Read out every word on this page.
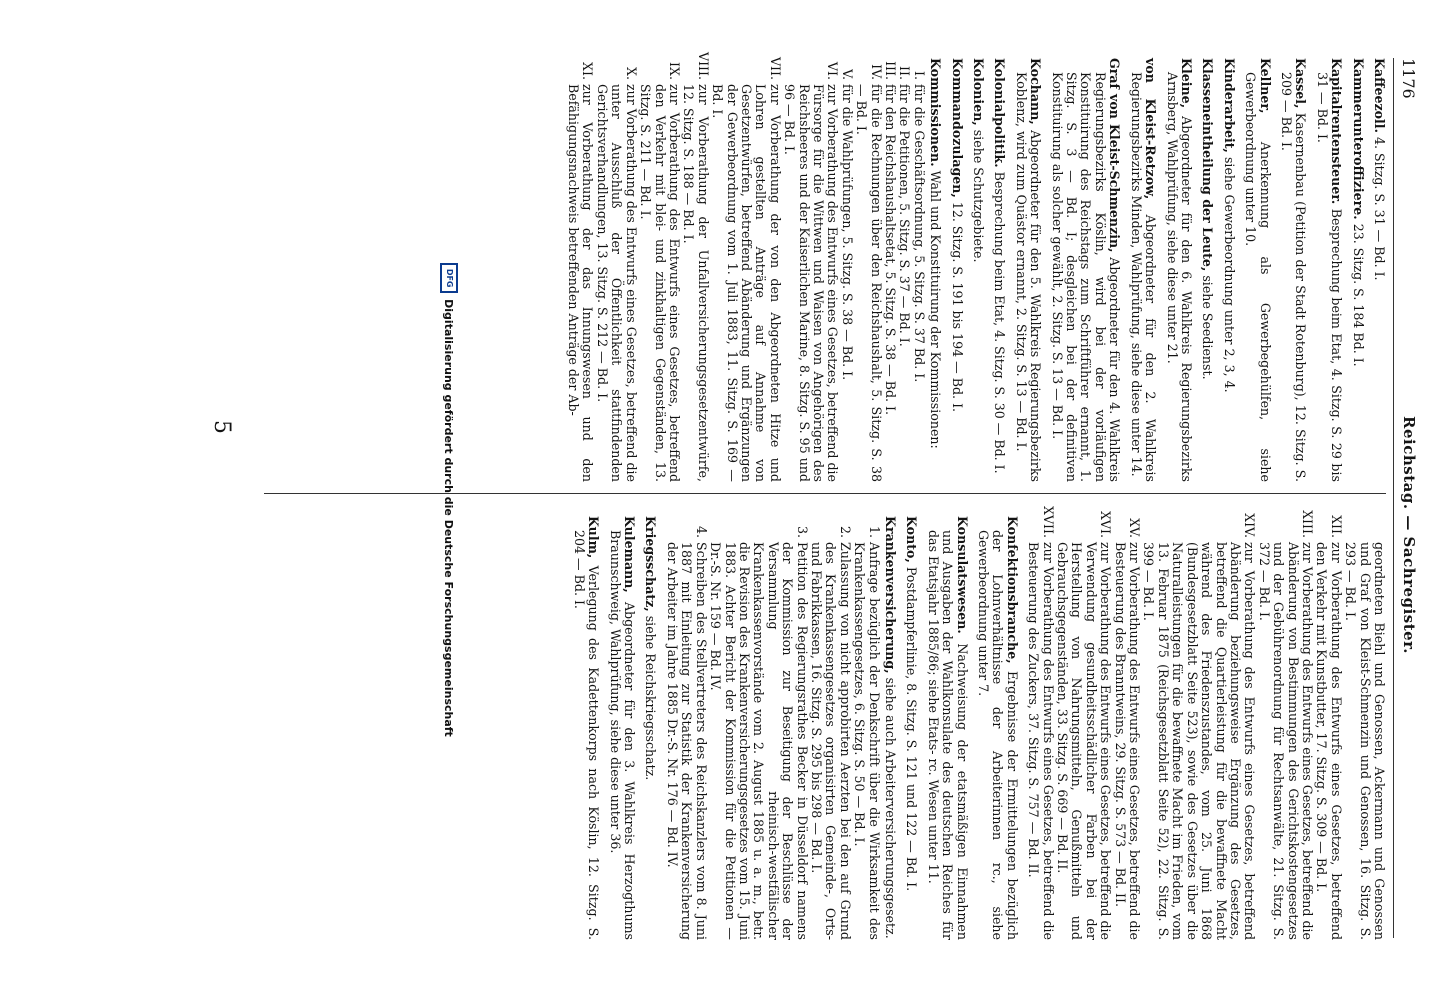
1176
Reichstag. — Sachregister.
Kaffeezoll. 4. Sitzg. S. 31 — Bd. I.
Kammerunteroffiziere. 23. Sitzg. S. 184 Bd. I.
Kapitalrentensteuer. Besprechung beim Etat, 4. Sitzg. S. 29 bis 31 — Bd. I.
Kassel, Kasernenbau (Petition der Stadt Rotenburg), 12. Sitzg. S. 209 — Bd. I.
Kellner, Anerkennung als Gewerbegehülfen, siehe Gewerbeordnung unter 10.
Kinderarbeit, siehe Gewerbeordnung unter 2, 3, 4.
Klasseneintheilung der Leute, siehe Seedienst.
Kleine, Abgeordneter für den 6. Wahlkreis Regierungsbezirks Arnsberg, Wahlprüfung, siehe diese unter 21.
von Kleist-Retzow, Abgeordneter für den 2. Wahlkreis Regierungsbezirks Minden, Wahlprüfung, siehe diese unter 14.
Graf von Kleist-Schmenzin, Abgeordneter für den 4. Wahlkreis Regierungsbezirks Köslin, wird bei der vorläufigen Konstituirung des Reichstags zum Schriftführer ernannt, 1. Sitzg. S. 3 — Bd. I; desgleichen bei der definitiven Konstituirung als solcher gewählt, 2. Sitzg. S. 13 — Bd. I.
Kochann, Abgeordneter für den 5. Wahlkreis Regierungsbezirks Koblenz, wird zum Quästor ernannt, 2. Sitzg. S. 13 — Bd. I.
Kolonialpolitik. Besprechung beim Etat, 4. Sitzg. S. 30 — Bd. I.
Kolonien, siehe Schutzgebiete.
Kommandozulagen, 12. Sitzg. S. 191 bis 194 — Bd. I.
Kommissionen. Wahl und Konstituirung der Kommissionen:
I.für die Geschäftsordnung, 5. Sitzg. S. 37 Bd. I.
II.für die Petitionen, 5. Sitzg. S. 37 — Bd. I.
III.für den Reichshaushaltsetat, 5. Sitzg. S. 38 — Bd. I.
IV.für die Rechnungen über den Reichshaushalt, 5. Sitzg. S. 38 — Bd. I.
V.für die Wahlprüfungen, 5. Sitzg. S. 38 — Bd. I.
VI.zur Vorberathung des Entwurfs eines Gesetzes, betreffend die Fürsorge für die Wittwen und Waisen von Angehörigen des Reichsheeres und der Kaiserlichen Marine, 8. Sitzg. S. 95 und 96 — Bd. I.
VII.zur Vorberathung der von den Abgeordneten Hitze und Lohren gestellten Anträge auf Annahme von Gesetzentwürfen, betreffend Abänderung und Ergänzungen der Gewerbeordnung vom 1. Juli 1883, 11. Sitzg. S. 169 — Bd. I.
VIII.zur Vorberathung der Unfallversicherungsgesetzentwürfe, 12. Sitzg. S. 188 — Bd. I.
IX.zur Vorberathung des Entwurfs eines Gesetzes, betreffend den Verkehr mit blei- und zinkhaltigen Gegenständen, 13. Sitzg. S. 211 — Bd. I.
X.zur Vorberathung des Entwurfs eines Gesetzes, betreffend die unter Ausschluß der Öffentlichkeit stattfindenden Gerichtsverhandlungen, 13. Sitzg. S. 212 — Bd. I.
XI.zur Vorberathung der das Innungswesen und den Befähigungsnachweis betreffenden Anträge der Ab-
geordneten Biehl und Genossen, Ackermann und Genossen und Graf von Kleist-Schmenzin und Genossen, 16. Sitzg. S. 293 — Bd. I.
XII.zur Vorberathung des Entwurfs eines Gesetzes, betreffend den Verkehr mit Kunstbutter, 17. Sitzg. S. 309 — Bd. I.
XIII.zur Vorberathung des Entwurfs eines Gesetzes, betreffend die Abänderung von Bestimmungen des Gerichtskostengesetzes und der Gebührenordnung für Rechtsanwälte, 21. Sitzg. S. 372 — Bd. I.
XIV.zur Vorberathung des Entwurfs eines Gesetzes, betreffend Abänderung beziehungsweise Ergänzung des Gesetzes, betreffend die Quartierleistung für die bewaffnete Macht während des Friedenszustandes, vom 25. Juni 1868 (Bundesgesetzblatt Seite 523), sowie des Gesetzes über die Naturalleistungen für die bewaffnete Macht im Frieden, vom 13. Februar 1875 (Reichsgesetzblatt Seite 52), 22. Sitzg. S. 399 — Bd. I.
XV.zur Vorberathung des Entwurfs eines Gesetzes, betreffend die Besteuerung des Branntweins, 29. Sitzg. S. 573 — Bd. II.
XVI.zur Vorberathung des Entwurfs eines Gesetzes, betreffend die Verwendung gesundheitsschädlicher Farben bei der Herstellung von Nahrungsmitteln, Genußmitteln und Gebrauchsgegenständen, 33. Sitzg. S. 669 — Bd. II.
XVII.zur Vorberathung des Entwurfs eines Gesetzes, betreffend die Besteuerung des Zuckers, 37. Sitzg. S. 757 — Bd. II.
Konfektionsbranche, Ergebnisse der Ermittelungen bezüglich der Lohnverhältnisse der Arbeiterinnen rc., siehe Gewerbeordnung unter 7.
Konsulatswesen. Nachweisung der etatsmäßigen Einnahmen und Ausgaben der Wahlkonsulate des deutschen Reiches für das Etatsjahr 1885/86; siehe Etats- rc. Wesen unter 11.
Konto, Postdampferlinie, 8. Sitzg. S. 121 und 122 — Bd. I.
Krankenversicherung, siehe auch Arbeiterversicherungsgesetz.
1.Anfrage bezüglich der Denkschrift über die Wirksamkeit des Krankenkassengesetzes, 6. Sitzg. S. 50 — Bd. I.
2.Zulassung von nicht approbirten Aerzten bei den auf Grund des Krankenkassengesetzes organisirten Gemeinde-, Orts- und Fabrikkassen, 16. Sitzg. S. 295 bis 298 — Bd. I.
3.Petition des Regierungsrathes Becker in Düsseldorf namens der Kommission zur Beseitigung der Beschlüsse der Versammlung rheinisch-westfälischer Krankenkassenvorstände vom 2. August 1885 u. a. m., betr. die Revision des Krankenversicherungsgesetzes vom 15. Juni 1883. Achter Bericht der Kommission für die Petitionen — Dr.-S. Nr. 159 — Bd. IV.
4.Schreiben des Stellvertreters des Reichskanzlers vom 8. Juni 1887 mit Einleitung zur Statistik der Krankenversicherung der Arbeiter im Jahre 1885 Dr.-S. Nr. 176 — Bd. IV.
Kriegsschatz, siehe Reichskriegsschatz.
Kulemann, Abgeordneter für den 3. Wahlkreis Herzogthums Braunschweig, Wahlprüfung, siehe diese unter 36.
Kulm, Verlegung des Kadettenkorps nach Köslin, 12. Sitzg. S. 204 — Bd. I.
5
DFG
Digitalisierung gefördert durch die Deutsche Forschungsgemeinschaft
